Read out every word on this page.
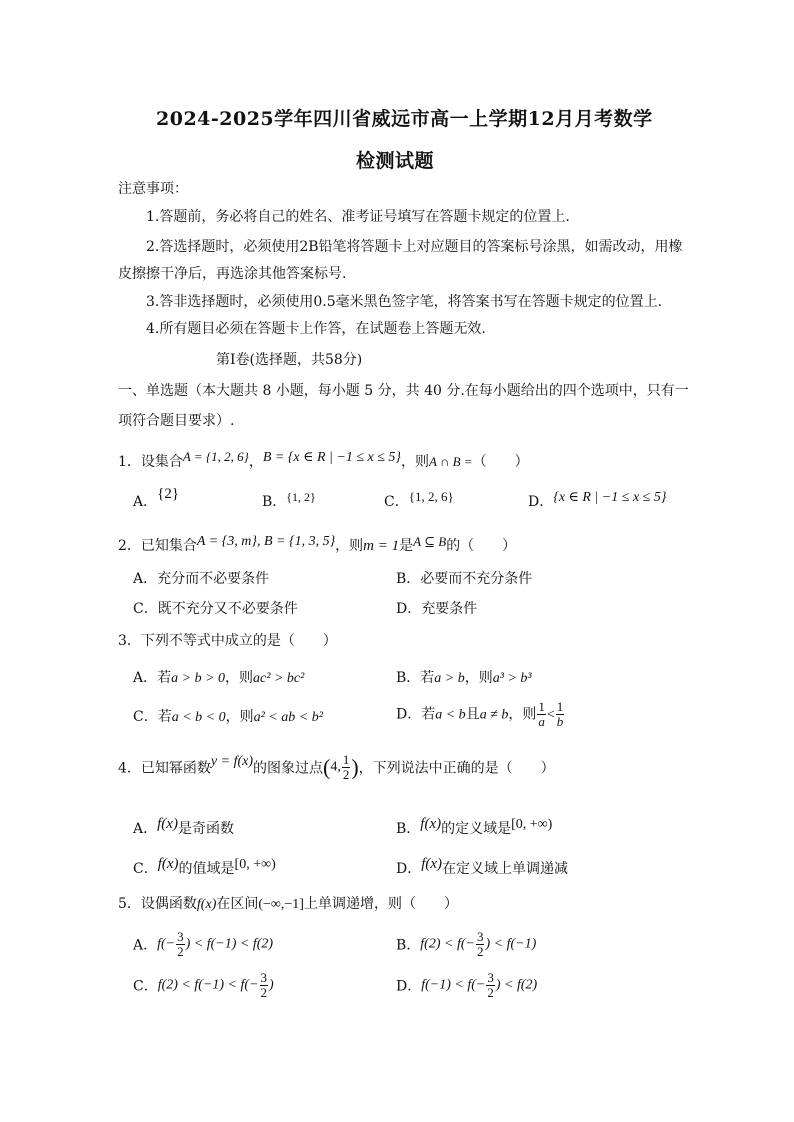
2024-2025学年四川省威远市高一上学期12月月考数学
检测试题
注意事项：
1.答题前，务必将自己的姓名、准考证号填写在答题卡规定的位置上.
2.答选择题时，必须使用2B铅笔将答题卡上对应题目的答案标号涂黑，如需改动，用橡
皮擦擦干净后，再选涂其他答案标号.
3.答非选择题时，必须使用0.5毫米黑色签字笔，将答案书写在答题卡规定的位置上.
4.所有题目必须在答题卡上作答，在试题卷上答题无效.
第Ⅰ卷(选择题，共58分)
一、单选题（本大题共 8 小题，每小题 5 分，共 40 分.在每小题给出的四个选项中，只有一
项符合题目要求）.
1．设集合A = {1, 2, 6}，B = {x ∈ R | −1 ≤ x ≤ 5}，则A ∩ B =（　　）
A．{2}	B．{1, 2}	C．{1, 2, 6}	D．{x ∈ R | −1 ≤ x ≤ 5}
2．已知集合A = {3, m}, B = {1, 3, 5}，则m = 1是A ⊆ B的（　　）
A．充分而不必要条件	B．必要而不充分条件
C．既不充分又不必要条件	D．充要条件
3．下列不等式中成立的是（　　）
A．若a > b > 0，则ac² > bc²	B．若a > b，则a³ > b³
C．若a < b < 0，则a² < ab < b²	D．若a < b且a ≠ b，则 $\frac{1}{a} < \frac{1}{b}$
4．已知幂函数y = f(x)的图象过点(4, $\frac{1}{2}$ )，下列说法中正确的是（　　）
A．f(x)是奇函数	B．f(x)的定义域是[0, +∞)
C．f(x)的值域是[0, +∞)	D．f(x)在定义域上单调递减
5．设偶函数f(x)在区间(−∞,−1]上单调递增，则（　　）
A．$f(- \frac{3}{2}$ ) < f(−1) < f(2)	B．$f(2) < f(- \frac{3}{2}$ ) < f(−1)
C．$f(2) < f(-1) < f(- \frac{3}{2}$ )	D．$f(-1) < f(- \frac{3}{2}$ ) < f(2)
